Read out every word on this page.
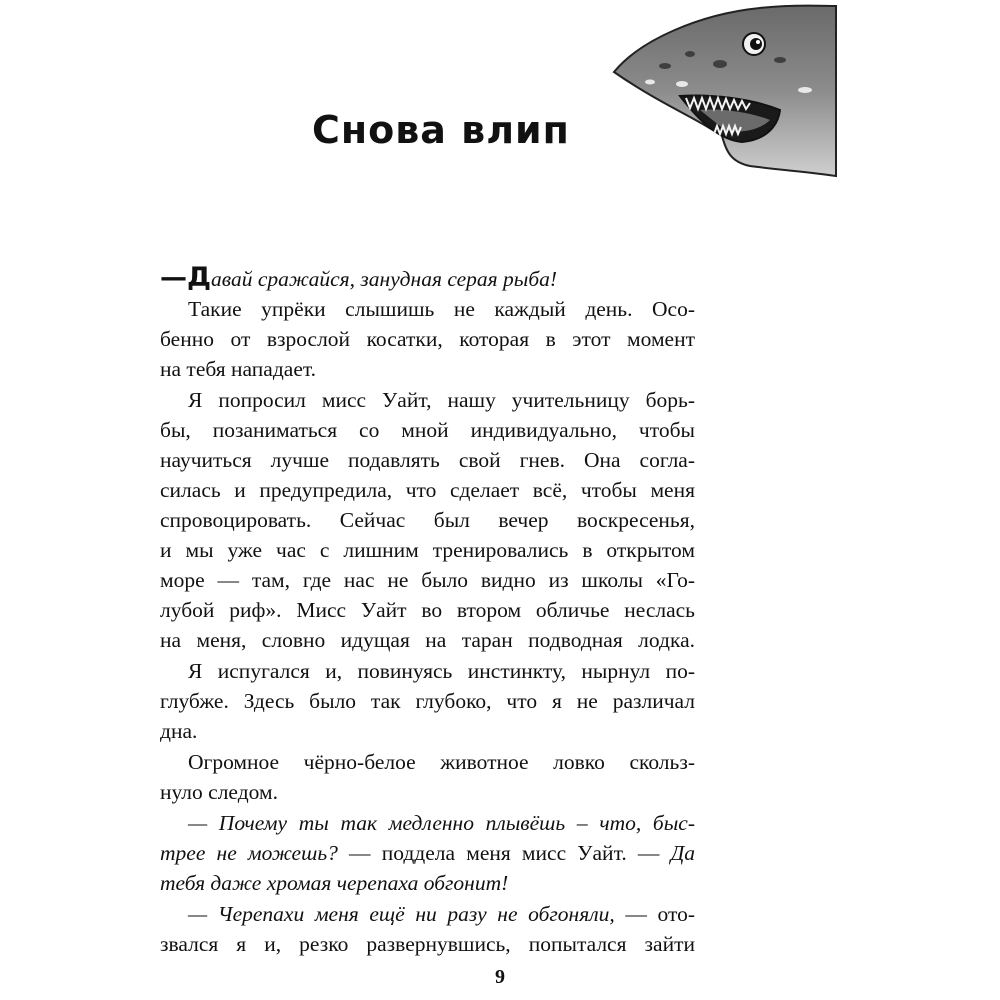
Снова влип
—Давай сражайся, занудная серая рыба!
Такие упрёки слышишь не каждый день. Осо-
бенно от взрослой косатки, которая в этот момент
на тебя нападает.
Я попросил мисс Уайт, нашу учительницу борь-
бы, позаниматься со мной индивидуально, чтобы
научиться лучше подавлять свой гнев. Она согла-
силась и предупредила, что сделает всё, чтобы меня
спровоцировать. Сейчас был вечер воскресенья,
и мы уже час с лишним тренировались в открытом
море — там, где нас не было видно из школы «Го-
лубой риф». Мисс Уайт во втором обличье неслась
на меня, словно идущая на таран подводная лодка.
Я испугался и, повинуясь инстинкту, нырнул по-
глубже. Здесь было так глубоко, что я не различал
дна.
Огромное чёрно-белое животное ловко скольз-
нуло следом.
— Почему ты так медленно плывёшь – что, быс-
трее не можешь? — поддела меня мисс Уайт. — Да
тебя даже хромая черепаха обгонит!
— Черепахи меня ещё ни разу не обгоняли, — ото-
звался я и, резко развернувшись, попытался зайти
9
